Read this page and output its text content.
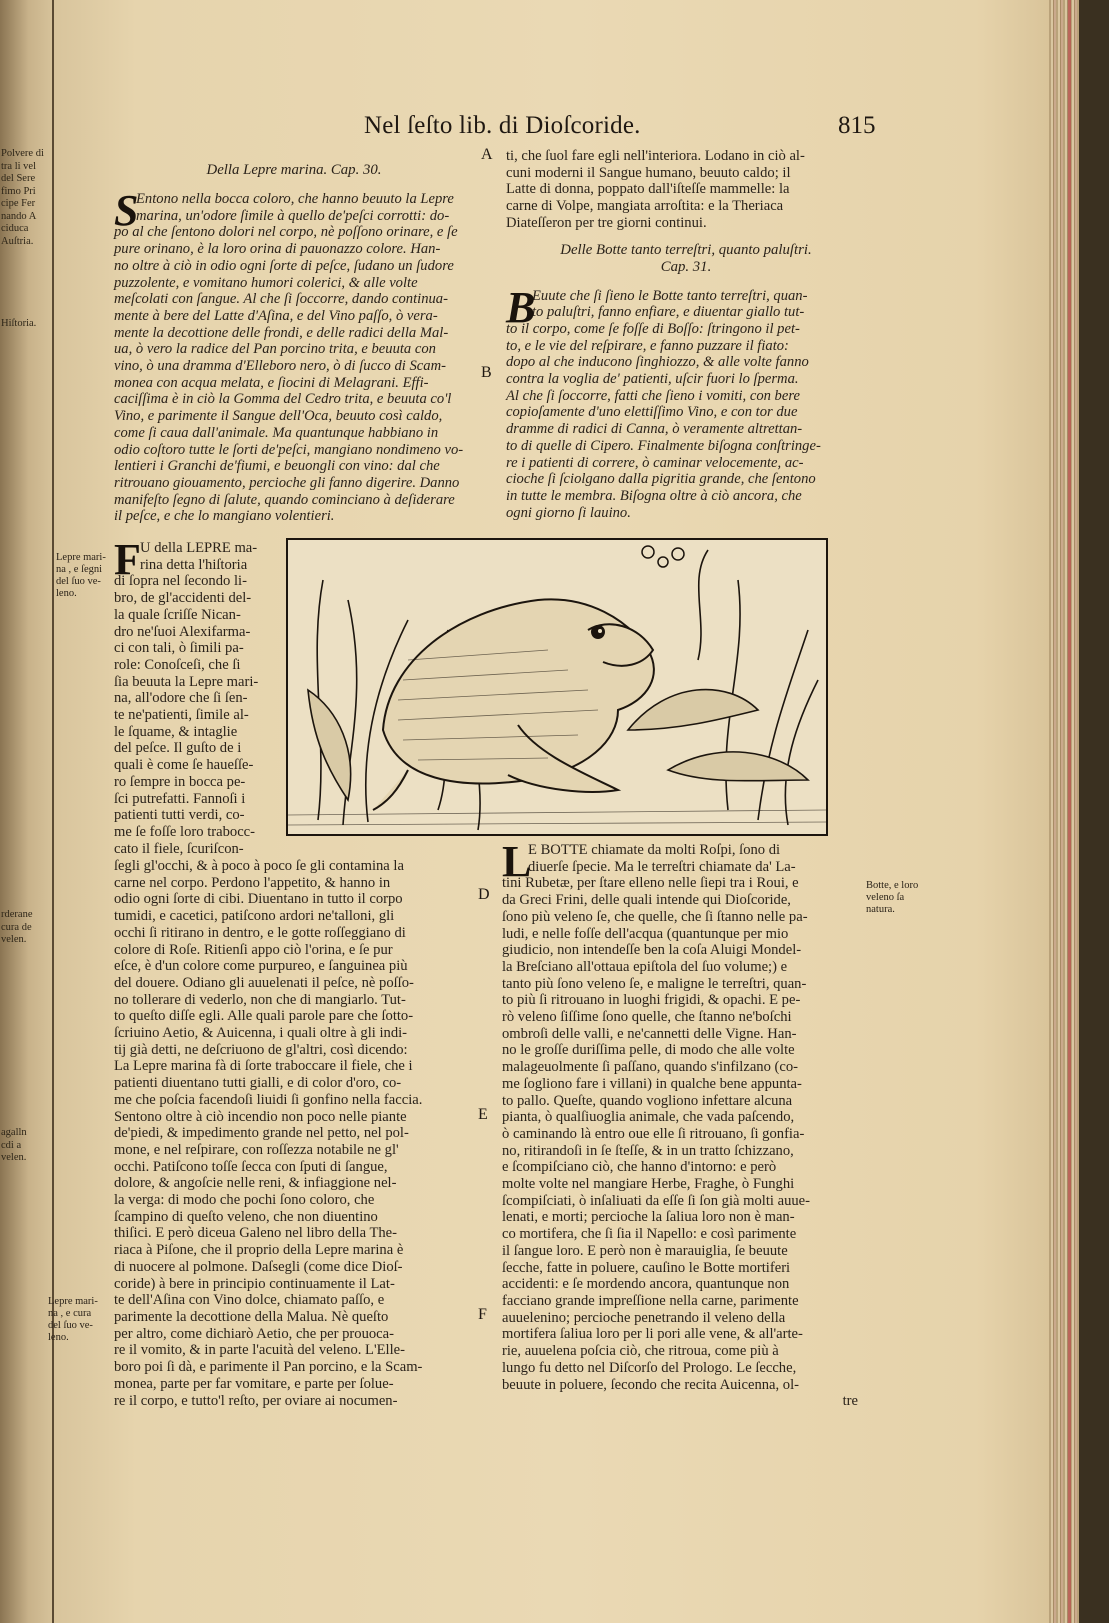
Polvere di
tra li vel
del Sere
fimo Pri
cipe Fer
nando A
ciduca
Auſtria.
Hiſtoria.
rderane
cura de
velen.
agalln
cdi a
velen.
Nel ſeſto lib. di Dioſcoride.	815
A
B
D
E
F
Lepre mari-
na , e ſegni
del ſuo ve-
leno.
Lepre mari-
na , e cura
del ſuo ve-
leno.
Botte, e loro
veleno ſa
natura.
Della Lepre marina. Cap. 30.
S
Entono nella bocca coloro, che hanno beuuto la Lepre
marina, un'odore ſimile à quello de'peſci corrotti: do-
po al che ſentono dolori nel corpo, nè poſſono orinare, e ſe
pure orinano, è la loro orina di pauonazzo colore. Han-
no oltre à ciò in odio ogni ſorte di peſce, ſudano un ſudore
puzzolente, e vomitano humori colerici, & alle volte
meſcolati con ſangue. Al che ſi ſoccorre, dando continua-
mente à bere del Latte d'Aſina, e del Vino paſſo, ò vera-
mente la decottione delle frondi, e delle radici della Mal-
ua, ò vero la radice del Pan porcino trita, e beuuta con
vino, ò una dramma d'Elleboro nero, ò di ſucco di Scam-
monea con acqua melata, e ſiocini di Melagrani. Effi-
caciſſima è in ciò la Gomma del Cedro trita, e beuuta co'l
Vino, e parimente il Sangue dell'Oca, beuuto così caldo,
come ſi caua dall'animale. Ma quantunque habbiano in
odio coſtoro tutte le ſorti de'peſci, mangiano nondimeno vo-
lentieri i Granchi de'fiumi, e beuongli con vino: dal che
ritrouano giouamento, percioche gli fanno digerire. Danno
manifeſto ſegno di ſalute, quando cominciano à deſiderare
il peſce, e che lo mangiano volentieri.
ti, che ſuol fare egli nell'interiora. Lodano in ciò al-
cuni moderni il Sangue humano, beuuto caldo; il
Latte di donna, poppato dall'iſteſſe mammelle: la
carne di Volpe, mangiata arroſtita: e la Theriaca
Diateſſeron per tre giorni continui.
Delle Botte tanto terreſtri, quanto paluſtri.
Cap. 31.
B
Euute che ſi ſieno le Botte tanto terreſtri, quan-
to paluſtri, fanno enfiare, e diuentar giallo tut-
to il corpo, come ſe foſſe di Boſſo: ſtringono il pet-
to, e le vie del reſpirare, e fanno puzzare il fiato:
dopo al che inducono ſinghiozzo, & alle volte fanno
contra la voglia de' patienti, uſcir fuori lo ſperma.
Al che ſi ſoccorre, fatti che ſieno i vomiti, con bere
copioſamente d'uno elettiſſimo Vino, e con tor due
dramme di radici di Canna, ò veramente altrettan-
to di quelle di Cipero. Finalmente biſogna conſtringe-
re i patienti di correre, ò caminar velocemente, ac-
cioche ſi ſciolgano dalla pigritia grande, che ſentono
in tutte le membra. Biſogna oltre à ciò ancora, che
ogni giorno ſi lauino.
F U della LEPRE ma-
rina detta l'hiſtoria
di ſopra nel ſecondo li-
bro, de gl'accidenti del-
la quale ſcriſſe Nican-
dro ne'ſuoi Alexifarma-
ci con tali, ò ſimili pa-
role: Conoſceſi, che ſi
ſia beuuta la Lepre mari-
na, all'odore che ſi ſen-
te ne'patienti, ſimile al-
le ſquame, & intaglie
del peſce. Il guſto de i
quali è come ſe haueſſe-
ro ſempre in bocca pe-
ſci putrefatti. Fannoſi i
patienti tutti verdi, co-
me ſe foſſe loro trabocc-
cato il fiele, ſcuriſcon-
ſegli gl'occhi, & à poco à poco ſe gli contamina la
carne nel corpo. Perdono l'appetito, & hanno in
odio ogni ſorte di cibi. Diuentano in tutto il corpo
tumidi, e cacetici, patiſcono ardori ne'talloni, gli
occhi ſi ritirano in dentro, e le gotte roſſeggiano di
colore di Roſe. Ritienſi appo ciò l'orina, e ſe pur
eſce, è d'un colore come purpureo, e ſanguinea più
del douere. Odiano gli auuelenati il peſce, nè poſſo-
no tollerare di vederlo, non che di mangiarlo. Tut-
to queſto diſſe egli. Alle quali parole pare che ſotto-
ſcriuino Aetio, & Auicenna, i quali oltre à gli indi-
tij già detti, ne deſcriuono de gl'altri, così dicendo:
La Lepre marina fà di ſorte traboccare il fiele, che i
patienti diuentano tutti gialli, e di color d'oro, co-
me che poſcia facendoſi liuidi ſi gonfino nella faccia.
Sentono oltre à ciò incendio non poco nelle piante
de'piedi, & impedimento grande nel petto, nel pol-
mone, e nel reſpirare, con roſſezza notabile ne gl'
occhi. Patiſcono toſſe ſecca con ſputi di ſangue,
dolore, & angoſcie nelle reni, & infiaggione nel-
la verga: di modo che pochi ſono coloro, che
ſcampino di queſto veleno, che non diuentino
thiſici. E però diceua Galeno nel libro della The-
riaca à Piſone, che il proprio della Lepre marina è
di nuocere al polmone. Daſsegli (come dice Dioſ-
coride) à bere in principio continuamente il Lat-
te dell'Aſina con Vino dolce, chiamato paſſo, e
parimente la decottione della Malua. Nè queſto
per altro, come dichiarò Aetio, che per prouoca-
re il vomito, & in parte l'acuità del veleno. L'Elle-
boro poi ſi dà, e parimente il Pan porcino, e la Scam-
monea, parte per far vomitare, e parte per ſolue-
re il corpo, e tutto'l reſto, per oviare ai nocumen-
L
E BOTTE chiamate da molti Roſpi, ſono di
diuerſe ſpecie. Ma le terreſtri chiamate da' La-
tini Rubetæ, per ſtare elleno nelle ſiepi tra i Roui, e
da Greci Frini, delle quali intende qui Dioſcoride,
ſono più veleno ſe, che quelle, che ſi ſtanno nelle pa-
ludi, e nelle foſſe dell'acqua (quantunque per mio
giudicio, non intendeſſe ben la coſa Aluigi Mondel-
la Breſciano all'ottaua epiſtola del ſuo volume;) e
tanto più ſono veleno ſe, e maligne le terreſtri, quan-
to più ſi ritrouano in luoghi frigidi, & opachi. E pe-
rò veleno ſiſſime ſono quelle, che ſtanno ne'boſchi
ombroſi delle valli, e ne'cannetti delle Vigne. Han-
no le groſſe duriſſima pelle, di modo che alle volte
malageuolmente ſi paſſano, quando s'infilzano (co-
me ſogliono fare i villani) in qualche bene appunta-
to pallo. Queſte, quando vogliono infettare alcuna
pianta, ò qualſiuoglia animale, che vada paſcendo,
ò caminando là entro oue elle ſi ritrouano, ſi gonfia-
no, ritirandoſi in ſe ſteſſe, & in un tratto ſchizzano,
e ſcompiſciano ciò, che hanno d'intorno: e però
molte volte nel mangiare Herbe, Fraghe, ò Funghi
ſcompiſciati, ò inſaliuati da eſſe ſi ſon già molti auue-
lenati, e morti; percioche la ſaliua loro non è man-
co mortifera, che ſi ſia il Napello: e così parimente
il ſangue loro. E però non è marauiglia, ſe beuute
ſecche, fatte in poluere, cauſino le Botte mortiferi
accidenti: e ſe mordendo ancora, quantunque non
facciano grande impreſſione nella carne, parimente
auuelenino; percioche penetrando il veleno della
mortifera ſaliua loro per li pori alle vene, & all'arte-
rie, auuelena poſcia ciò, che ritroua, come più à
lungo fu detto nel Diſcorſo del Prologo. Le ſecche,
beuute in poluere, ſecondo che recita Auicenna, ol-
tre
